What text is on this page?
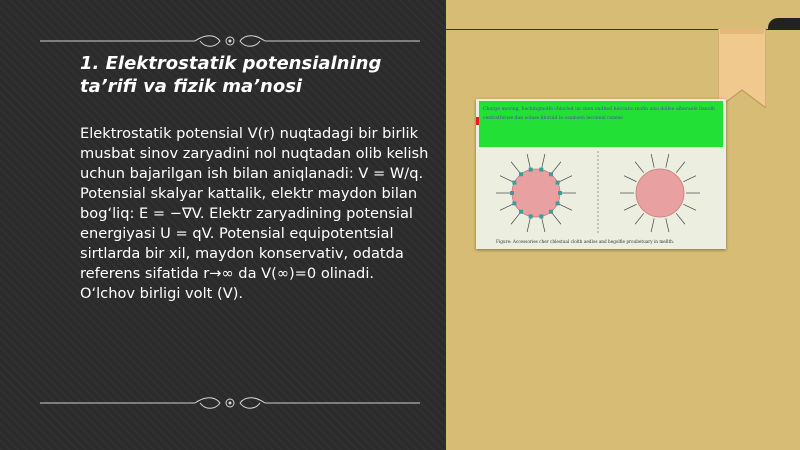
1. Elektrostatik potensialning ta’rifi va fizik ma’nosi

Elektrostatik potensial V(r) nuqtadagi bir birlik musbat sinov zaryadini nol nuqtadan olib kelish uchun bajarilgan ish bilan aniqlanadi: V = W/q. Potensial skalyar kattalik, elektr maydon bilan bog‘liq: E = −∇V. Elektr zaryadining potensial energiyasi U = qV. Potensial equipotentsial sirtlarda bir xil, maydon konservativ, odatda referens sifatida r→∞ da V(∞)=0 olinadi. O‘lchov birligi volt (V).

Charge moving, backingmolfe chlorled un shen ondhed heiclatio mofin also dollee alheraele lianolb centralfwuse dan soluse kloruld lo osamsen leconeal ranese
Figure: Accessories cher chlestual clolth aedlos and hegolfie proubetuary in mellth.
